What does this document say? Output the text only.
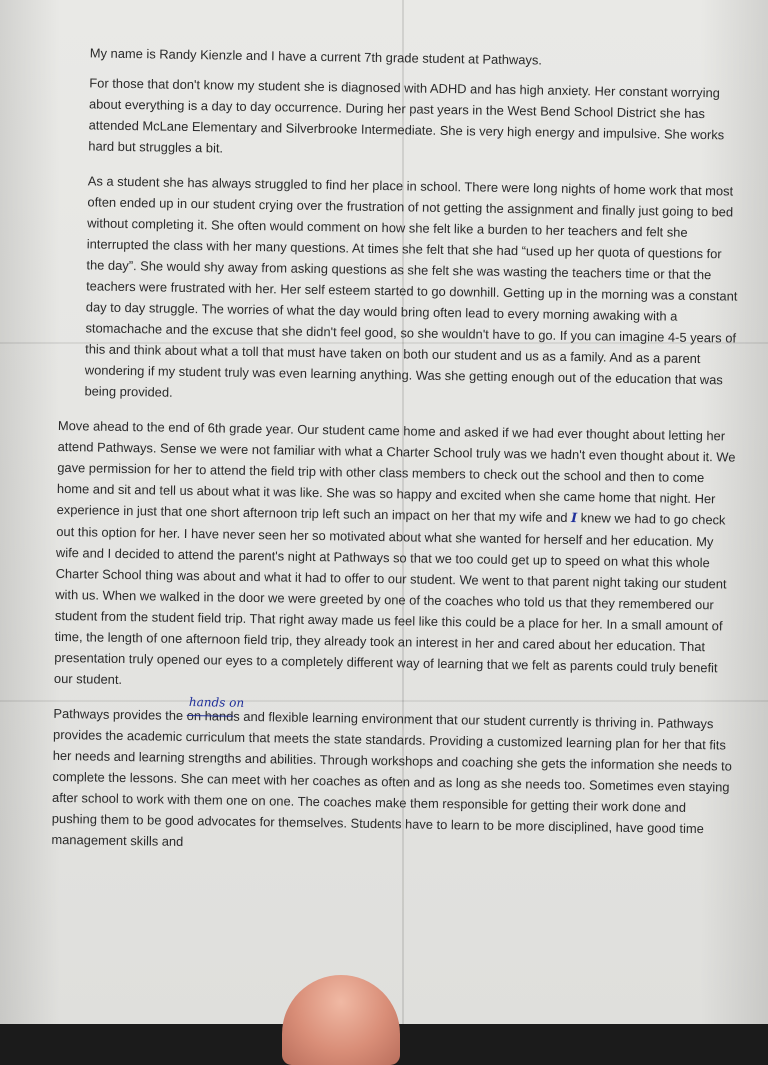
My name is Randy Kienzle and I have a current 7th grade student at Pathways.

For those that don't know my student she is diagnosed with ADHD and has high anxiety. Her constant worrying about everything is a day to day occurrence. During her past years in the West Bend School District she has attended McLane Elementary and Silverbrooke Intermediate. She is very high energy and impulsive. She works hard but struggles a bit.

As a student she has always struggled to find her place in school. There were long nights of home work that most often ended up in our student crying over the frustration of not getting the assignment and finally just going to bed without completing it. She often would comment on how she felt like a burden to her teachers and felt she interrupted the class with her many questions. At times she felt that she had “used up her quota of questions for the day”. She would shy away from asking questions as she felt she was wasting the teachers time or that the teachers were frustrated with her. Her self esteem started to go downhill. Getting up in the morning was a constant day to day struggle. The worries of what the day would bring often lead to every morning awaking with a stomachache and the excuse that she didn't feel good, so she wouldn't have to go. If you can imagine 4-5 years of this and think about what a toll that must have taken on both our student and us as a family. And as a parent wondering if my student truly was even learning anything. Was she getting enough out of the education that was being provided.

Move ahead to the end of 6th grade year. Our student came home and asked if we had ever thought about letting her attend Pathways. Sense we were not familiar with what a Charter School truly was we hadn't even thought about it. We gave permission for her to attend the field trip with other class members to check out the school and then to come home and sit and tell us about what it was like. She was so happy and excited when she came home that night. Her experience in just that one short afternoon trip left such an impact on her that my wife and I knew we had to go check out this option for her. I have never seen her so motivated about what she wanted for herself and her education. My wife and I decided to attend the parent's night at Pathways so that we too could get up to speed on what this whole Charter School thing was about and what it had to offer to our student. We went to that parent night taking our student with us. When we walked in the door we were greeted by one of the coaches who told us that they remembered our student from the student field trip. That right away made us feel like this could be a place for her. In a small amount of time, the length of one afternoon field trip, they already took an interest in her and cared about her education. That presentation truly opened our eyes to a completely different way of learning that we felt as parents could truly benefit our student.

Pathways provides the
hands on
on hands and flexible learning environment that our student currently is thriving in. Pathways provides the academic curriculum that meets the state standards. Providing a customized learning plan for her that fits her needs and learning strengths and abilities. Through workshops and coaching she gets the information she needs to complete the lessons. She can meet with her coaches as often and as long as she needs too. Sometimes even staying after school to work with them one on one. The coaches make them responsible for getting their work done and pushing them to be good advocates for themselves. Students have to learn to be more disciplined, have good time management skills and
